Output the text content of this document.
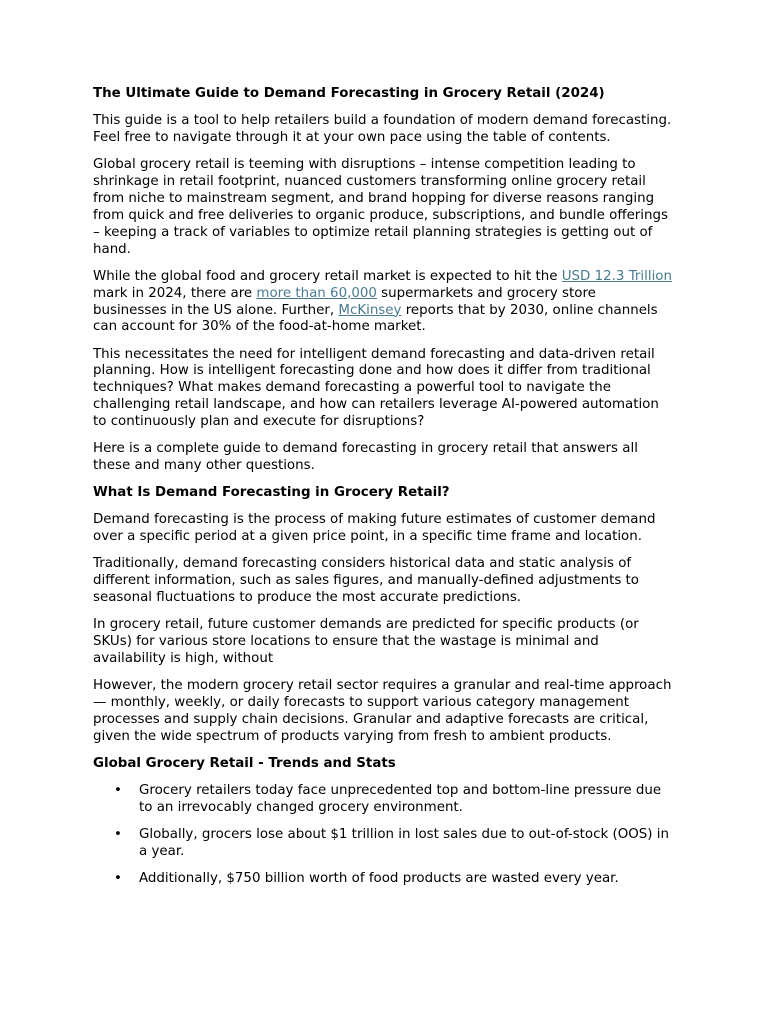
The Ultimate Guide to Demand Forecasting in Grocery Retail (2024)

This guide is a tool to help retailers build a foundation of modern demand forecasting. Feel free to navigate through it at your own pace using the table of contents.

Global grocery retail is teeming with disruptions – intense competition leading to shrinkage in retail footprint, nuanced customers transforming online grocery retail from niche to mainstream segment, and brand hopping for diverse reasons ranging from quick and free deliveries to organic produce, subscriptions, and bundle offerings – keeping a track of variables to optimize retail planning strategies is getting out of hand.

While the global food and grocery retail market is expected to hit the USD 12.3 Trillion mark in 2024, there are more than 60,000 supermarkets and grocery store businesses in the US alone. Further, McKinsey reports that by 2030, online channels can account for 30% of the food-at-home market.

This necessitates the need for intelligent demand forecasting and data-driven retail planning. How is intelligent forecasting done and how does it differ from traditional techniques? What makes demand forecasting a powerful tool to navigate the challenging retail landscape, and how can retailers leverage AI-powered automation to continuously plan and execute for disruptions?

Here is a complete guide to demand forecasting in grocery retail that answers all these and many other questions.

What Is Demand Forecasting in Grocery Retail?

Demand forecasting is the process of making future estimates of customer demand over a specific period at a given price point, in a specific time frame and location.

Traditionally, demand forecasting considers historical data and static analysis of different information, such as sales figures, and manually-defined adjustments to seasonal fluctuations to produce the most accurate predictions.

In grocery retail, future customer demands are predicted for specific products (or SKUs) for various store locations to ensure that the wastage is minimal and availability is high, without

However, the modern grocery retail sector requires a granular and real-time approach — monthly, weekly, or daily forecasts to support various category management processes and supply chain decisions. Granular and adaptive forecasts are critical, given the wide spectrum of products varying from fresh to ambient products.

Global Grocery Retail - Trends and Stats
• Grocery retailers today face unprecedented top and bottom-line pressure due to an irrevocably changed grocery environment.
• Globally, grocers lose about $1 trillion in lost sales due to out-of-stock (OOS) in a year.
• Additionally, $750 billion worth of food products are wasted every year.
